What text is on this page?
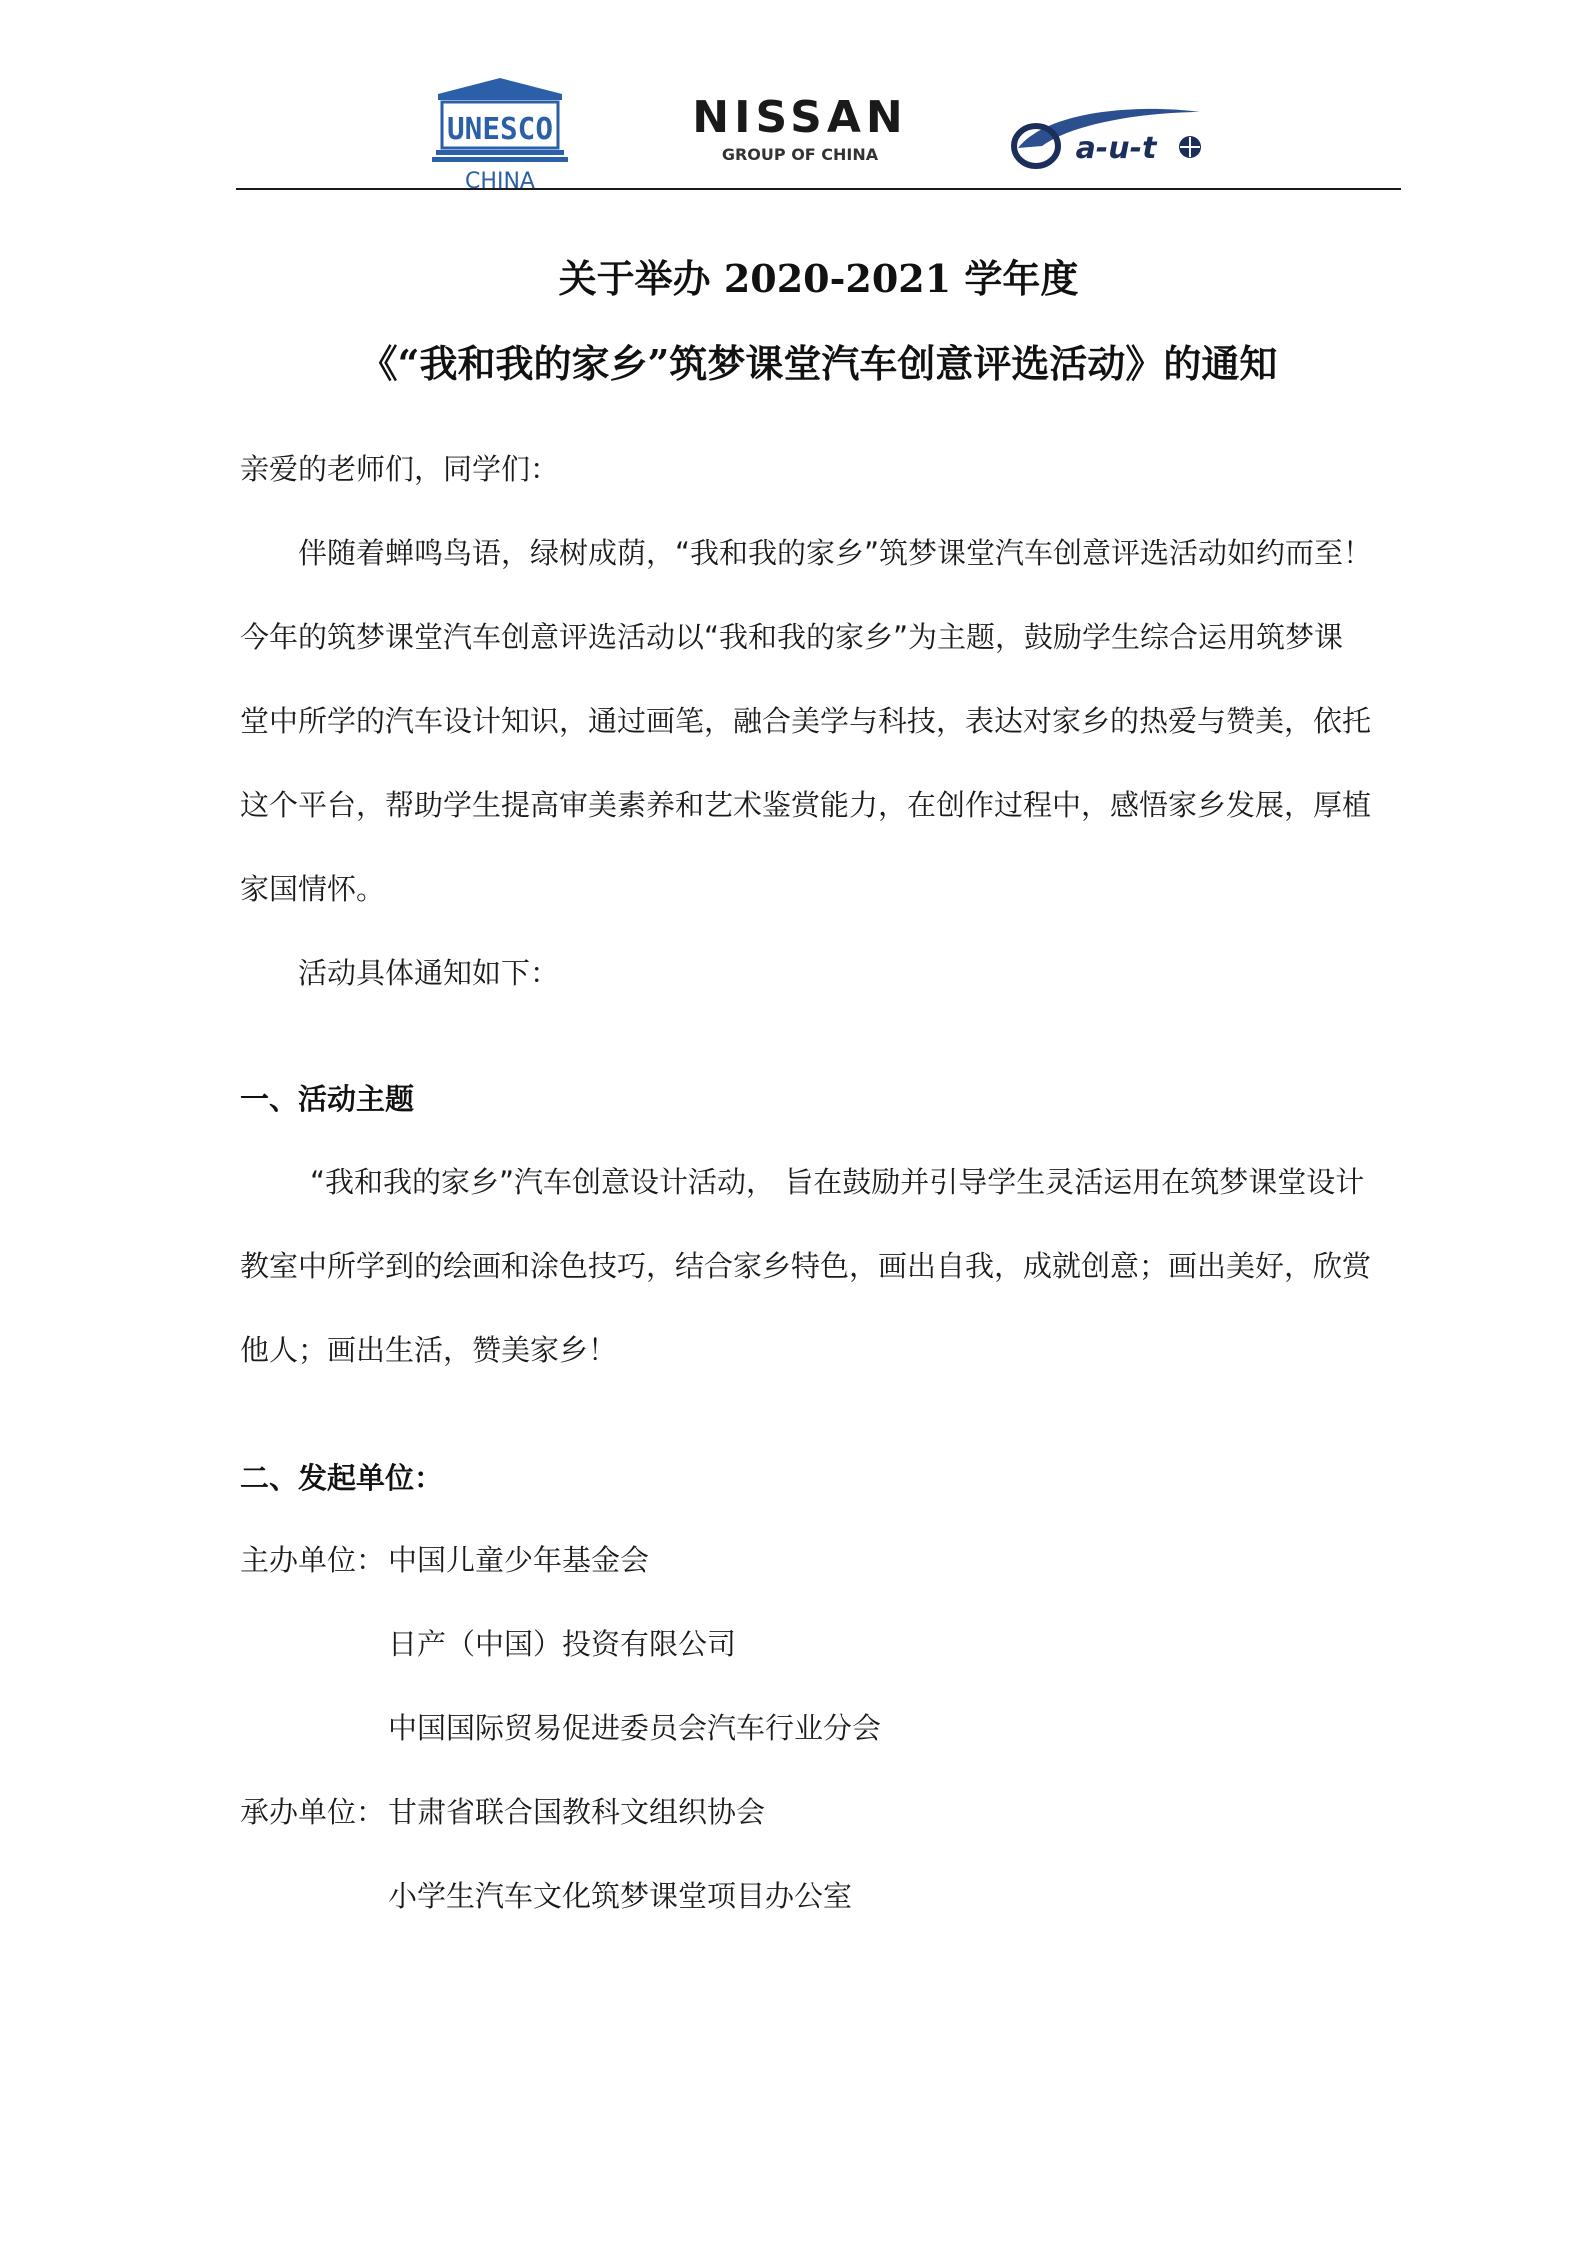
UNESCO
CHINA
NISSAN
GROUP OF CHINA	a-u-t
关于举办 2020-2021 学年度
《“我和我的家乡”筑梦课堂汽车创意评选活动》的通知
亲爱的老师们，同学们：
伴随着蝉鸣鸟语，绿树成荫，“我和我的家乡”筑梦课堂汽车创意评选活动如约而至！
今年的筑梦课堂汽车创意评选活动以“我和我的家乡”为主题，鼓励学生综合运用筑梦课
堂中所学的汽车设计知识，通过画笔，融合美学与科技，表达对家乡的热爱与赞美，依托
这个平台，帮助学生提高审美素养和艺术鉴赏能力，在创作过程中，感悟家乡发展，厚植
家国情怀。
活动具体通知如下：
一、活动主题
“我和我的家乡”汽车创意设计活动， 旨在鼓励并引导学生灵活运用在筑梦课堂设计
教室中所学到的绘画和涂色技巧，结合家乡特色，画出自我，成就创意；画出美好，欣赏
他人；画出生活，赞美家乡！
二、发起单位：
主办单位： 中国儿童少年基金会
日产（中国）投资有限公司
中国国际贸易促进委员会汽车行业分会
承办单位： 甘肃省联合国教科文组织协会
小学生汽车文化筑梦课堂项目办公室
